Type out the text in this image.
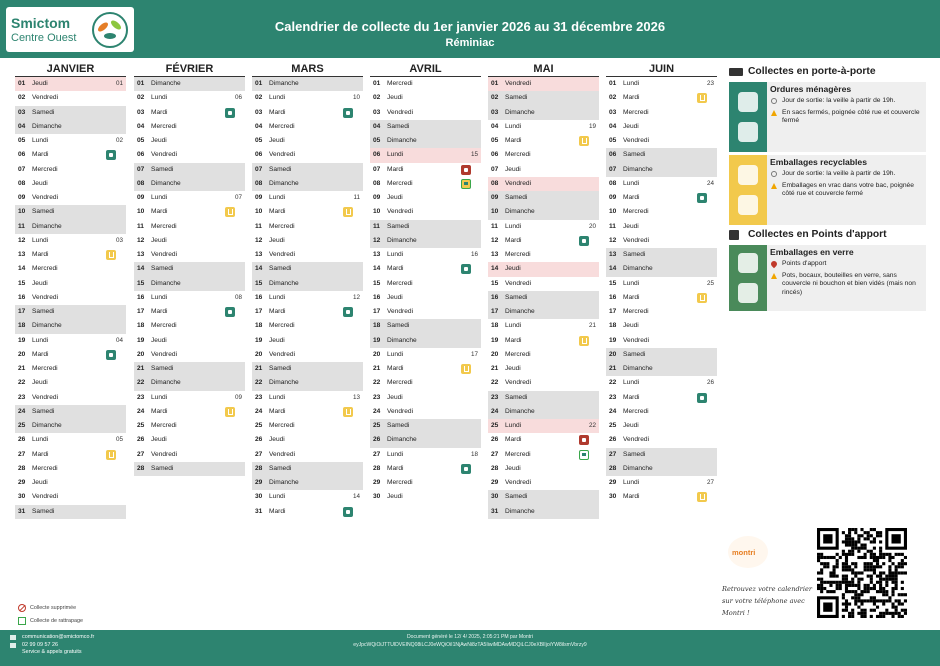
Smictom
Centre Ouest
Calendrier de collecte du 1er janvier 2026 au 31 décembre 2026
Réminiac
JANVIER
01 Jeudi	01
02 Vendredi
03 Samedi
04 Dimanche
05 Lundi	02
06 Mardi
07 Mercredi
08 Jeudi
09 Vendredi
10 Samedi
11 Dimanche
12 Lundi	03
13 Mardi
14 Mercredi
15 Jeudi
16 Vendredi
17 Samedi
18 Dimanche
19 Lundi	04
20 Mardi
21 Mercredi
22 Jeudi
23 Vendredi
24 Samedi
25 Dimanche
26 Lundi	05
27 Mardi
28 Mercredi
29 Jeudi
30 Vendredi
31 Samedi
FÉVRIER
01 Dimanche
02 Lundi	06
03 Mardi
04 Mercredi
05 Jeudi
06 Vendredi
07 Samedi
08 Dimanche
09 Lundi	07
10 Mardi
11 Mercredi
12 Jeudi
13 Vendredi
14 Samedi
15 Dimanche
16 Lundi	08
17 Mardi
18 Mercredi
19 Jeudi
20 Vendredi
21 Samedi
22 Dimanche
23 Lundi	09
24 Mardi
25 Mercredi
26 Jeudi
27 Vendredi
28 Samedi
MARS
01 Dimanche
02 Lundi	10
03 Mardi
04 Mercredi
05 Jeudi
06 Vendredi
07 Samedi
08 Dimanche
09 Lundi	11
10 Mardi
11 Mercredi
12 Jeudi
13 Vendredi
14 Samedi
15 Dimanche
16 Lundi	12
17 Mardi
18 Mercredi
19 Jeudi
20 Vendredi
21 Samedi
22 Dimanche
23 Lundi	13
24 Mardi
25 Mercredi
26 Jeudi
27 Vendredi
28 Samedi
29 Dimanche
30 Lundi	14
31 Mardi
AVRIL
01 Mercredi
02 Jeudi
03 Vendredi
04 Samedi
05 Dimanche
06 Lundi	15
07 Mardi
08 Mercredi
09 Jeudi
10 Vendredi
11 Samedi
12 Dimanche
13 Lundi	16
14 Mardi
15 Mercredi
16 Jeudi
17 Vendredi
18 Samedi
19 Dimanche
20 Lundi	17
21 Mardi
22 Mercredi
23 Jeudi
24 Vendredi
25 Samedi
26 Dimanche
27 Lundi	18
28 Mardi
29 Mercredi
30 Jeudi
MAI
01 Vendredi
02 Samedi
03 Dimanche
04 Lundi	19
05 Mardi
06 Mercredi
07 Jeudi
08 Vendredi
09 Samedi
10 Dimanche
11 Lundi	20
12 Mardi
13 Mercredi
14 Jeudi
15 Vendredi
16 Samedi
17 Dimanche
18 Lundi	21
19 Mardi
20 Mercredi
21 Jeudi
22 Vendredi
23 Samedi
24 Dimanche
25 Lundi	22
26 Mardi
27 Mercredi
28 Jeudi
29 Vendredi
30 Samedi
31 Dimanche
JUIN
01 Lundi	23
02 Mardi
03 Mercredi
04 Jeudi
05 Vendredi
06 Samedi
07 Dimanche
08 Lundi	24
09 Mardi
10 Mercredi
11 Jeudi
12 Vendredi
13 Samedi
14 Dimanche
15 Lundi	25
16 Mardi
17 Mercredi
18 Jeudi
19 Vendredi
20 Samedi
21 Dimanche
22 Lundi	26
23 Mardi
24 Mercredi
25 Jeudi
26 Vendredi
27 Samedi
28 Dimanche
29 Lundi	27
30 Mardi
Collectes en porte-à-porte
Ordures ménagères
Jour de sortie: la veille à partir de 19h.
En sacs fermés, poignée côté rue et couvercle fermé
Emballages recyclables
Jour de sortie: la veille à partir de 19h.
Emballages en vrac dans votre bac, poignée côté rue et couvercle fermé
Collectes en Points d'apport
Emballages en verre
Points d'apport
Pots, bocaux, bouteilles en verre, sans couvercle ni bouchon et bien vidés (mais non rincés)
montri
Retrouvez votre calendrier sur votre téléphone avec Montri !
Collecte supprimée
Collecte de rattrapage
communication@smictomco.fr
02 99 09 57 26
Service & appels gratuits
Document généré le 12/ 4/ 2025, 2:05:21 PM par Montri
eyJpcWQiOiJTTUlDVEINQ08iLCJ0eWQiOiI1NjAwNi8zTA5IiwiMDAwMDQiLCJ0eXBlIjoiYW8ilsmVbrzy9
